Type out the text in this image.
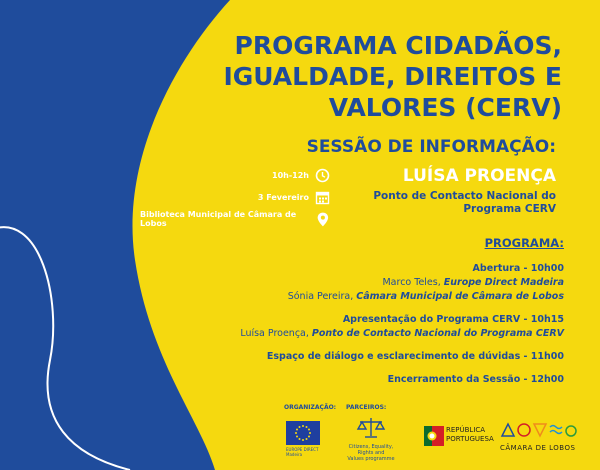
PROGRAMA CIDADÃOS,
IGUALDADE, DIREITOS E
VALORES (CERV)
SESSÃO DE INFORMAÇÃO:
LUÍSA PROENÇA
Ponto de Contacto Nacional do
Programa CERV
10h-12h
3 Fevereiro
Biblioteca Municipal de Câmara de Lobos
PROGRAMA:
Abertura - 10h00
Marco Teles, Europe Direct Madeira
Sónia Pereira, Câmara Municipal de Câmara de Lobos
Apresentação do Programa CERV - 10h15
Luísa Proença, Ponto de Contacto Nacional do Programa CERV
Espaço de diálogo e esclarecimento de dúvidas - 11h00
Encerramento da Sessão - 12h00
ORGANIZAÇÃO: PARCEIROS:
EUROPE DIRECT
Madeira
Citizens, Equality, Rights and
Values programme
REPÚBLICA
PORTUGUESA
CÂMARA DE LOBOS
